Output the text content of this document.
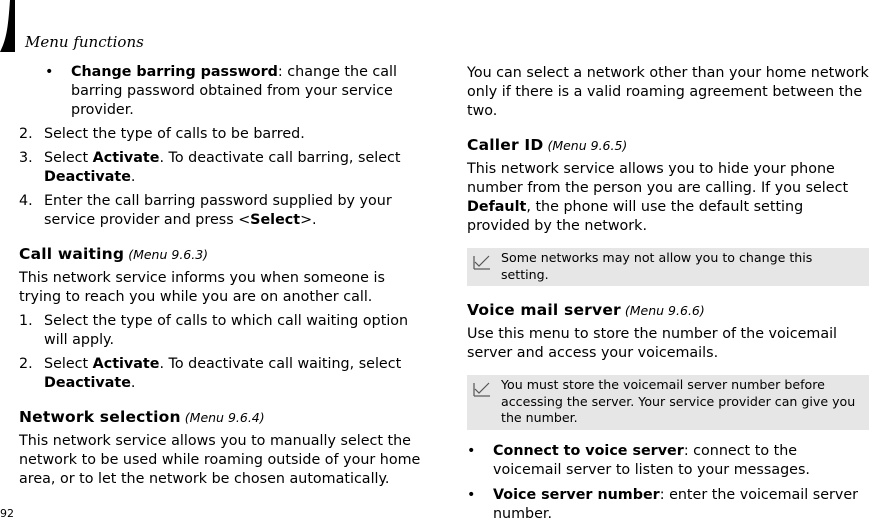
Menu functions
• Change barring password: change the call barring password obtained from your service provider.
2. Select the type of calls to be barred.
3. Select Activate. To deactivate call barring, select Deactivate.
4. Enter the call barring password supplied by your service provider and press <Select>.
Call waiting (Menu 9.6.3)

This network service informs you when someone is trying to reach you while you are on another call.

1. Select the type of calls to which call waiting option will apply.
2. Select Activate. To deactivate call waiting, select Deactivate.
Network selection (Menu 9.6.4)

This network service allows you to manually select the network to be used while roaming outside of your home area, or to let the network be chosen automatically.

You can select a network other than your home network only if there is a valid roaming agreement between the two.

Caller ID (Menu 9.6.5)

This network service allows you to hide your phone number from the person you are calling. If you select Default, the phone will use the default setting provided by the network.

Some networks may not allow you to change this setting.
Voice mail server (Menu 9.6.6)

Use this menu to store the number of the voicemail server and access your voicemails.

You must store the voicemail server number before accessing the server. Your service provider can give you the number.
• Connect to voice server: connect to the voicemail server to listen to your messages.
• Voice server number: enter the voicemail server number.
92
